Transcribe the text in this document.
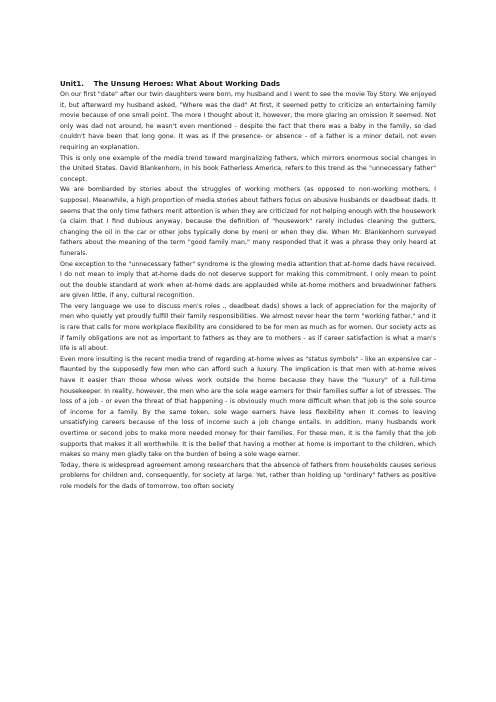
Unit1. The Unsung Heroes: What About Working Dads

On our first "date" after our twin daughters were born, my husband and I went to see the movie Toy Story. We enjoyed it, but afterward my husband asked, "Where was the dad" At first, it seemed petty to criticize an entertaining family movie because of one small point. The more I thought about it, however, the more glaring an omission it seemed. Not only was dad not around, he wasn't even mentioned - despite the fact that there was a baby in the family, so dad couldn't have been that long gone. It was as if the presence- or absence - of a father is a minor detail, not even requiring an explanation.

This is only one example of the media trend toward marginalizing fathers, which mirrors enormous social changes in the United States. David Blankenhorn, in his book Fatherless America, refers to this trend as the "unnecessary father" concept.

We are bombarded by stories about the struggles of working mothers (as opposed to non-working mothers, I suppose). Meanwhile, a high proportion of media stories about fathers focus on abusive husbands or deadbeat dads. It seems that the only time fathers merit attention is when they are criticized for not helping enough with the housework (a claim that I find dubious anyway, because the definition of "housework" rarely includes cleaning the gutters, changing the oil in the car or other jobs typically done by men) or when they die. When Mr. Blankenhorn surveyed fathers about the meaning of the term "good family man," many responded that it was a phrase they only heard at funerals.

One exception to the "unnecessary father" syndrome is the glowing media attention that at-home dads have received. I do not mean to imply that at-home dads do not deserve support for making this commitment. I only mean to point out the double standard at work when at-home dads are applauded while at-home mothers and breadwinner fathers are given little, if any, cultural recognition.

The very language we use to discuss men's roles ., deadbeat dads) shows a lack of appreciation for the majority of men who quietly yet proudly fulfill their family responsibilities. We almost never hear the term "working father," and it is rare that calls for more workplace flexibility are considered to be for men as much as for women. Our society acts as if family obligations are not as important to fathers as they are to mothers - as if career satisfaction is what a man's life is all about.

Even more insulting is the recent media trend of regarding at-home wives as "status symbols" - like an expensive car - flaunted by the supposedly few men who can afford such a luxury. The implication is that men with at-home wives have it easier than those whose wives work outside the home because they have the "luxury" of a full-time housekeeper. In reality, however, the men who are the sole wage earners for their families suffer a lot of stresses. The loss of a job - or even the threat of that happening - is obviously much more difficult when that job is the sole source of income for a family. By the same token, sole wage earners have less flexibility when it comes to leaving unsatisfying careers because of the loss of income such a job change entails. In addition, many husbands work overtime or second jobs to make more needed money for their families. For these men, it is the family that the job supports that makes it all worthwhile. It is the belief that having a mother at home is important to the children, which makes so many men gladly take on the burden of being a sole wage earner.

Today, there is widespread agreement among researchers that the absence of fathers from households causes serious problems for children and, consequently, for society at large. Yet, rather than holding up "ordinary" fathers as positive role models for the dads of tomorrow, too often society
